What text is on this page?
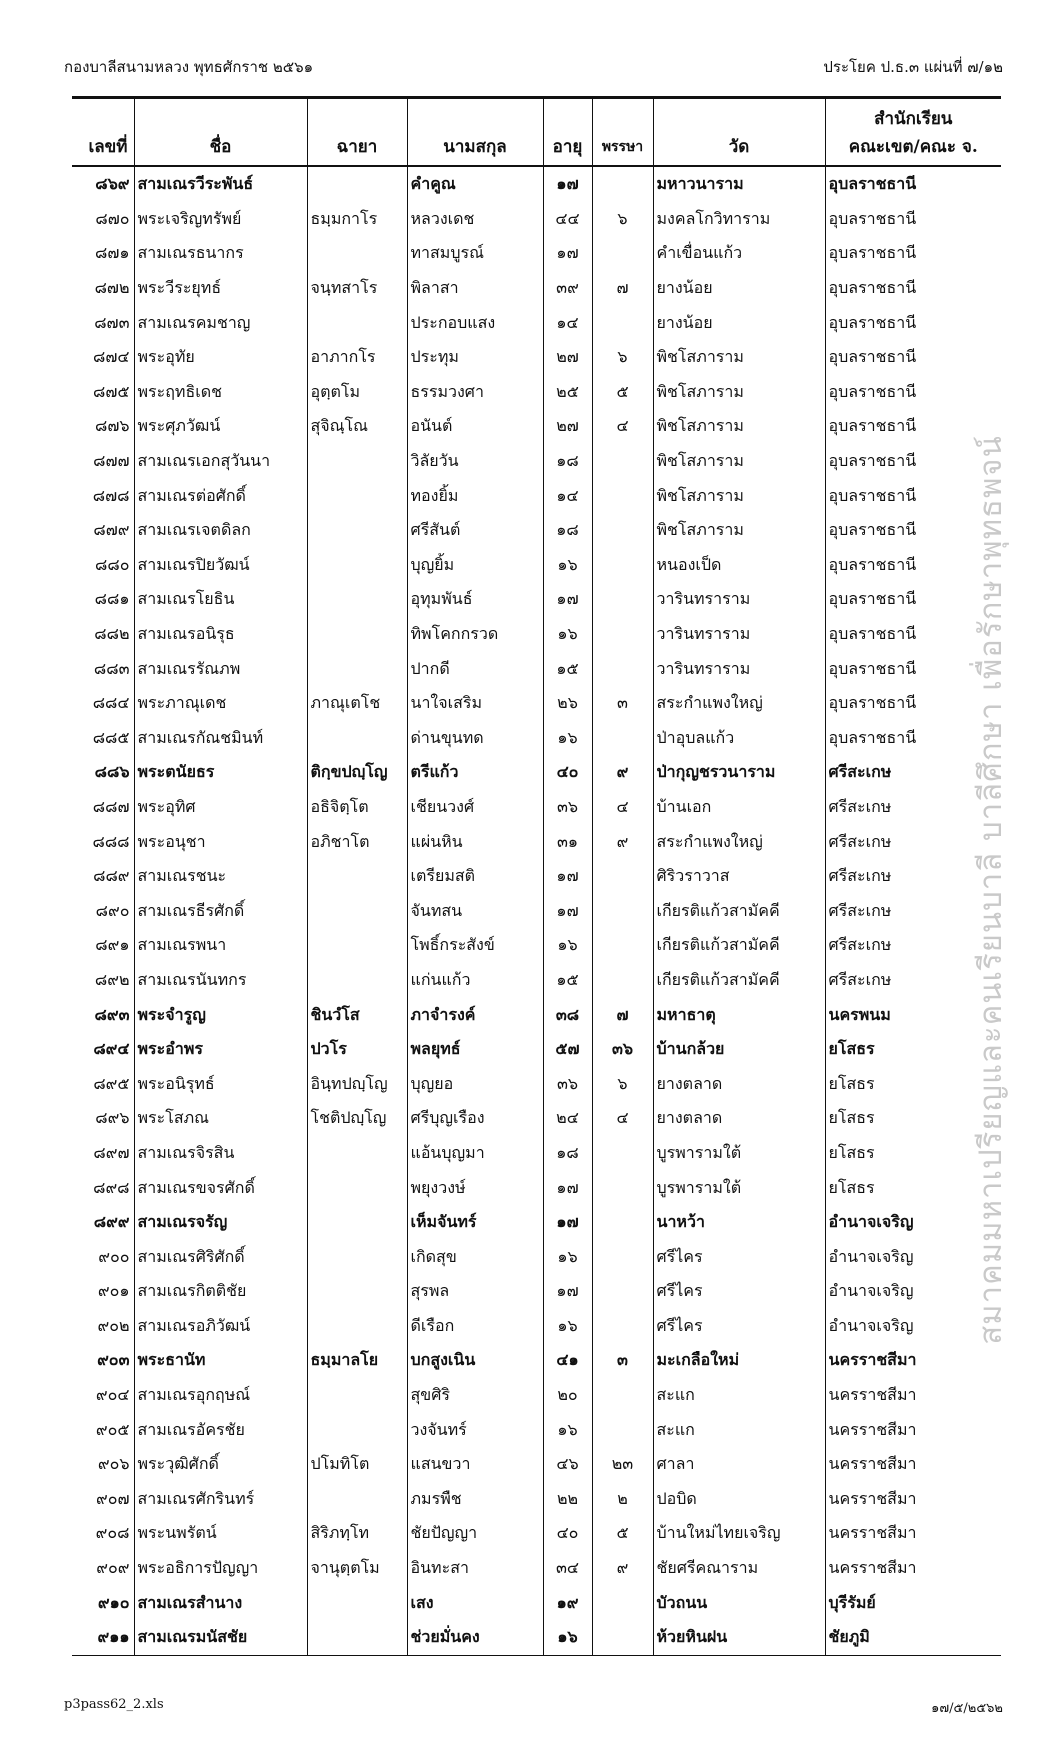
กองบาลีสนามหลวง พุทธศักราช ๒๕๖๑	ประโยค ป.ธ.๓ แผ่นที่ ๗/๑๒
เลขที่	ชื่อ	ฉายา	นามสกุล	อายุ	พรรษา	วัด	สำนักเรียน
คณะเขต/คณะ จ.

๘๖๙	สามเณรวีระพันธ์		คำคูณ	๑๗		มหาวนาราม	อุบลราชธานี
๘๗๐	พระเจริญทรัพย์	ธมฺมกาโร	หลวงเดช	๔๔	๖	มงคลโกวิทาราม	อุบลราชธานี
๘๗๑	สามเณรธนากร		ทาสมบูรณ์	๑๗		คำเขื่อนแก้ว	อุบลราชธานี
๘๗๒	พระวีระยุทธ์	จนฺทสาโร	พิลาสา	๓๙	๗	ยางน้อย	อุบลราชธานี
๘๗๓	สามเณรคมชาญ		ประกอบแสง	๑๔		ยางน้อย	อุบลราชธานี
๘๗๔	พระอุทัย	อาภากโร	ประทุม	๒๗	๖	พิชโสภาราม	อุบลราชธานี
๘๗๕	พระฤทธิเดช	อุตฺตโม	ธรรมวงศา	๒๕	๕	พิชโสภาราม	อุบลราชธานี
๘๗๖	พระศุภวัฒน์	สุจิณฺโณ	อนันต์	๒๗	๔	พิชโสภาราม	อุบลราชธานี
๘๗๗	สามเณรเอกสุวันนา		วิลัยวัน	๑๘		พิชโสภาราม	อุบลราชธานี
๘๗๘	สามเณรต่อศักดิ์		ทองยิ้ม	๑๔		พิชโสภาราม	อุบลราชธานี
๘๗๙	สามเณรเจตดิลก		ศรีสันต์	๑๘		พิชโสภาราม	อุบลราชธานี
๘๘๐	สามเณรปิยวัฒน์		บุญยิ้ม	๑๖		หนองเป็ด	อุบลราชธานี
๘๘๑	สามเณรโยธิน		อุทุมพันธ์	๑๗		วารินทราราม	อุบลราชธานี
๘๘๒	สามเณรอนิรุธ		ทิพโคกกรวด	๑๖		วารินทราราม	อุบลราชธานี
๘๘๓	สามเณรรัณภพ		ปากดี	๑๕		วารินทราราม	อุบลราชธานี
๘๘๔	พระภาณุเดช	ภาณุเตโช	นาใจเสริม	๒๖	๓	สระกำแพงใหญ่	อุบลราชธานี
๘๘๕	สามเณรกัณชมินท์		ด่านขุนทด	๑๖		ป่าอุบลแก้ว	อุบลราชธานี
๘๘๖	พระตนัยธร	ติกฺขปญฺโญ	ตรีแก้ว	๔๐	๙	ป่ากุญชรวนาราม	ศรีสะเกษ
๘๘๗	พระอุทิศ	อธิจิตฺโต	เชียนวงศ์	๓๖	๔	บ้านเอก	ศรีสะเกษ
๘๘๘	พระอนุชา	อภิชาโต	แผ่นหิน	๓๑	๙	สระกำแพงใหญ่	ศรีสะเกษ
๘๘๙	สามเณรชนะ		เตรียมสติ	๑๗		ศิริวราวาส	ศรีสะเกษ
๘๙๐	สามเณรธีรศักดิ์		จันทสน	๑๗		เกียรติแก้วสามัคคี	ศรีสะเกษ
๘๙๑	สามเณรพนา		โพธิ์กระสังข์	๑๖		เกียรติแก้วสามัคคี	ศรีสะเกษ
๘๙๒	สามเณรนันทกร		แก่นแก้ว	๑๕		เกียรติแก้วสามัคคี	ศรีสะเกษ
๘๙๓	พระจำรูญ	ชินวํโส	ภาจำรงค์	๓๘	๗	มหาธาตุ	นครพนม
๘๙๔	พระอำพร	ปวโร	พลยุทธ์	๕๗	๓๖	บ้านกล้วย	ยโสธร
๘๙๕	พระอนิรุทธ์	อินฺทปญฺโญ	บุญยอ	๓๖	๖	ยางตลาด	ยโสธร
๘๙๖	พระโสภณ	โชติปญฺโญ	ศรีบุญเรือง	๒๔	๔	ยางตลาด	ยโสธร
๘๙๗	สามเณรจิรสิน		แอ้นบุญมา	๑๘		บูรพารามใต้	ยโสธร
๘๙๘	สามเณรขจรศักดิ์		พยุงวงษ์	๑๗		บูรพารามใต้	ยโสธร
๘๙๙	สามเณรจรัญ		เห็มจันทร์	๑๗		นาหว้า	อำนาจเจริญ
๙๐๐	สามเณรศิริศักดิ์		เกิดสุข	๑๖		ศรีไคร	อำนาจเจริญ
๙๐๑	สามเณรกิตติชัย		สุรพล	๑๗		ศรีไคร	อำนาจเจริญ
๙๐๒	สามเณรอภิวัฒน์		ดีเรือก	๑๖		ศรีไคร	อำนาจเจริญ
๙๐๓	พระธานัท	ธมฺมาลโย	บกสูงเนิน	๔๑	๓	มะเกลือใหม่	นครราชสีมา
๙๐๔	สามเณรอุกฤษณ์		สุขศิริ	๒๐		สะแก	นครราชสีมา
๙๐๕	สามเณรอัครชัย		วงจันทร์	๑๖		สะแก	นครราชสีมา
๙๐๖	พระวุฒิศักดิ์	ปโมทิโต	แสนขวา	๔๖	๒๓	ศาลา	นครราชสีมา
๙๐๗	สามเณรศักรินทร์		ภมรพืช	๒๒	๒	ปอบิด	นครราชสีมา
๙๐๘	พระนพรัตน์	สิริภทฺโท	ชัยปัญญา	๔๐	๕	บ้านใหม่ไทยเจริญ	นครราชสีมา
๙๐๙	พระอธิการปัญญา	จานุตฺตโม	อินทะสา	๓๔	๙	ชัยศรีคณาราม	นครราชสีมา
๙๑๐	สามเณรสำนาง		เสง	๑๙		บัวถนน	บุรีรัมย์
๙๑๑	สามเณรมนัสชัย		ช่วยมั่นคง	๑๖		ห้วยหินฝน	ชัยภูมิ
สมาคมมหาเปรียญและคนเรียนบาลี บาลีศึกษา เพื่อรักษาพุทธพจน์
p3pass62_2.xls	๑๗/๕/๒๕๖๒
